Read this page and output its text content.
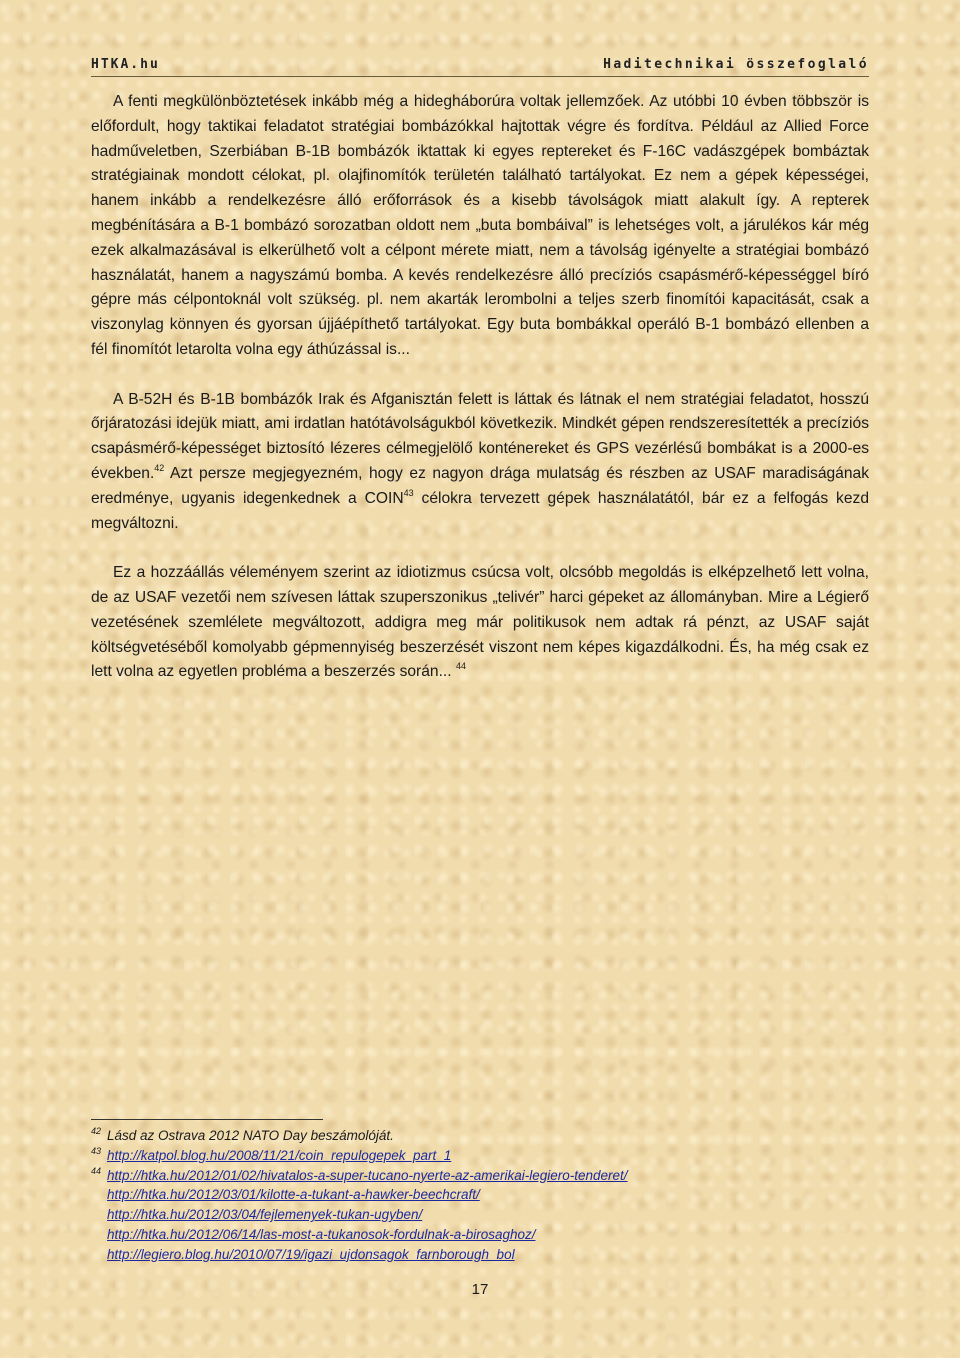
HTKA.hu	Haditechnikai összefoglaló

A fenti megkülönböztetések inkább még a hidegháborúra voltak jellemzőek. Az utóbbi 10 évben többször is előfordult, hogy taktikai feladatot stratégiai bombázókkal hajtottak végre és fordítva. Például az Allied Force hadműveletben, Szerbiában B-1B bombázók iktattak ki egyes reptereket és F-16C vadászgépek bombáztak stratégiainak mondott célokat, pl. olajfinomítók területén található tartályokat. Ez nem a gépek képességei, hanem inkább a rendelkezésre álló erőforrások és a kisebb távolságok miatt alakult így. A repterek megbénítására a B-1 bombázó sorozatban oldott nem „buta bombáival” is lehetséges volt, a járulékos kár még ezek alkalmazásával is elkerülhető volt a célpont mérete miatt, nem a távolság igényelte a stratégiai bombázó használatát, hanem a nagyszámú bomba. A kevés rendelkezésre álló precíziós csapásmérő-képességgel bíró gépre más célpontoknál volt szükség. pl. nem akarták lerombolni a teljes szerb finomítói kapacitását, csak a viszonylag könnyen és gyorsan újjáépíthető tartályokat. Egy buta bombákkal operáló B-1 bombázó ellenben a fél finomítót letarolta volna egy áthúzással is...

A B-52H és B-1B bombázók Irak és Afganisztán felett is láttak és látnak el nem stratégiai feladatot, hosszú őrjáratozási idejük miatt, ami irdatlan hatótávolságukból következik. Mindkét gépen rendszeresítették a precíziós csapásmérő-képességet biztosító lézeres célmegjelölő konténereket és GPS vezérlésű bombákat is a 2000-es években.$^{42}$ Azt persze megjegyezném, hogy ez nagyon drága mulatság és részben az USAF maradiságának eredménye, ugyanis idegenkednek a COIN$^{43}$ célokra tervezett gépek használatától, bár ez a felfogás kezd megváltozni.

Ez a hozzáállás véleményem szerint az idiotizmus csúcsa volt, olcsóbb megoldás is elképzelhető lett volna, de az USAF vezetői nem szívesen láttak szuperszonikus „telivér” harci gépeket az állományban. Mire a Légierő vezetésének szemlélete megváltozott, addigra meg már politikusok nem adtak rá pénzt, az USAF saját költségvetéséből komolyabb gépmennyiség beszerzését viszont nem képes kigazdálkodni. És, ha még csak ez lett volna az egyetlen probléma a beszerzés során... $^{44}$

42 Lásd az Ostrava 2012 NATO Day beszámolóját.
43 http://katpol.blog.hu/2008/11/21/coin_repulogepek_part_1
44 http://htka.hu/2012/01/02/hivatalos-a-super-tucano-nyerte-az-amerikai-legiero-tenderet/
http://htka.hu/2012/03/01/kilotte-a-tukant-a-hawker-beechcraft/
http://htka.hu/2012/03/04/fejlemenyek-tukan-ugyben/
http://htka.hu/2012/06/14/las-most-a-tukanosok-fordulnak-a-birosaghoz/
http://legiero.blog.hu/2010/07/19/igazi_ujdonsagok_farnborough_bol
17
